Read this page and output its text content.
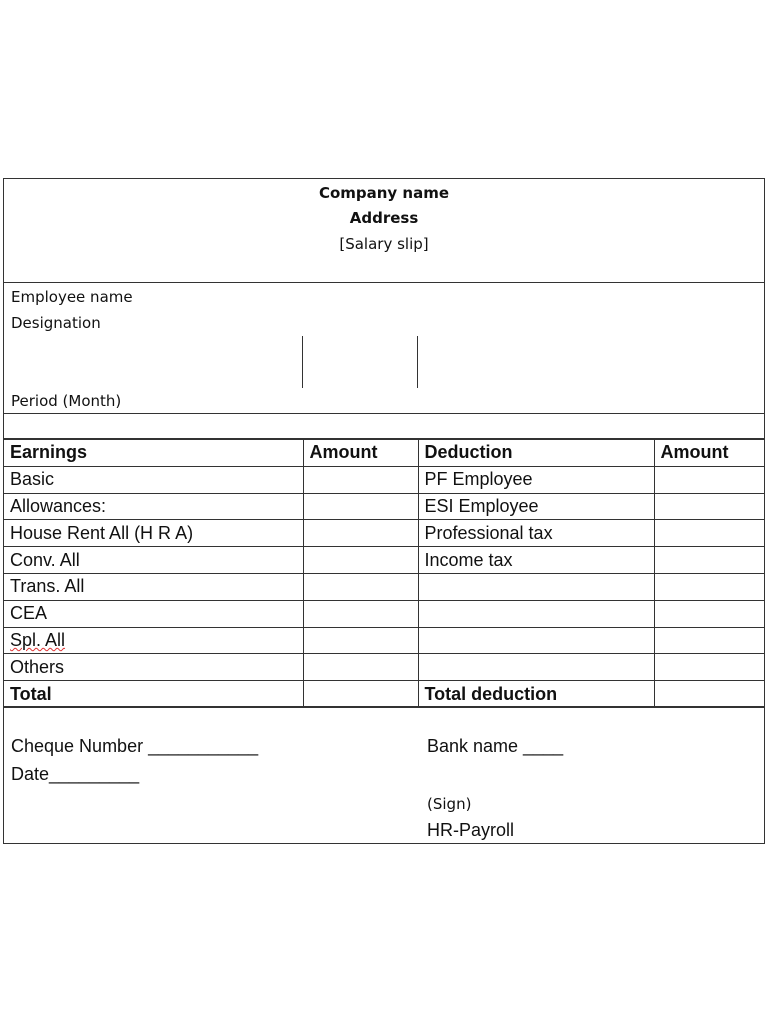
Company name
Address
[Salary slip]
Employee name
Designation
Period (Month)
Earnings	Amount	Deduction	Amount
Basic		PF Employee	
Allowances:		ESI Employee	
House Rent All (H R A)		Professional tax	
Conv. All		Income tax	
Trans. All			
CEA			
Spl. All			
Others			
Total		Total deduction	
Cheque Number ___________
Date_________
Bank name ____
(Sign)
HR-Payroll
